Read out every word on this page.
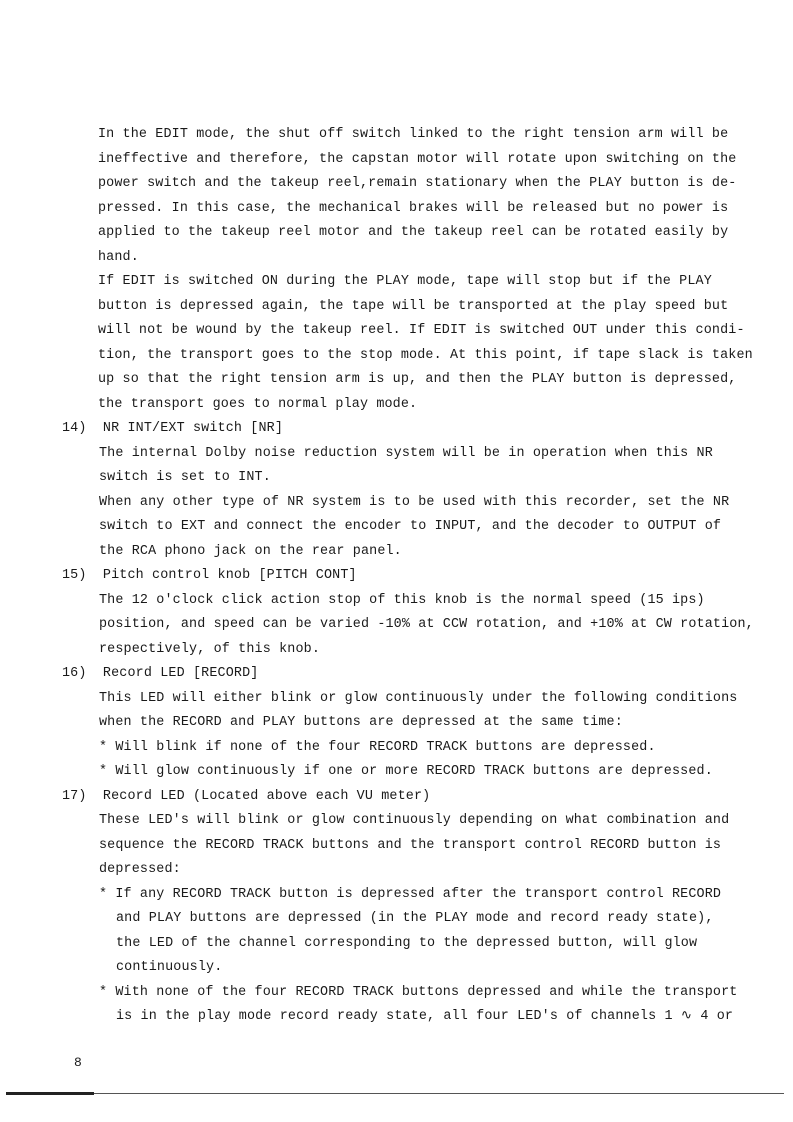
In the EDIT mode, the shut off switch linked to the right tension arm will be
ineffective and therefore, the capstan motor will rotate upon switching on the
power switch and the takeup reel,remain stationary when the PLAY button is de-
pressed. In this case, the mechanical brakes will be released but no power is
applied to the takeup reel motor and the takeup reel can be rotated easily by
hand.
If EDIT is switched ON during the PLAY mode, tape will stop but if the PLAY
button is depressed again, the tape will be transported at the play speed but
will not be wound by the takeup reel. If EDIT is switched OUT under this condi-
tion, the transport goes to the stop mode. At this point, if tape slack is taken
up so that the right tension arm is up, and then the PLAY button is depressed,
the transport goes to normal play mode.
14)  NR INT/EXT switch [NR]
The internal Dolby noise reduction system will be in operation when this NR
switch is set to INT.
When any other type of NR system is to be used with this recorder, set the NR
switch to EXT and connect the encoder to INPUT, and the decoder to OUTPUT of
the RCA phono jack on the rear panel.
15)  Pitch control knob [PITCH CONT]
The 12 o'clock click action stop of this knob is the normal speed (15 ips)
position, and speed can be varied -10% at CCW rotation, and +10% at CW rotation,
respectively, of this knob.
16)  Record LED [RECORD]
This LED will either blink or glow continuously under the following conditions
when the RECORD and PLAY buttons are depressed at the same time:
* Will blink if none of the four RECORD TRACK buttons are depressed.
* Will glow continuously if one or more RECORD TRACK buttons are depressed.
17)  Record LED (Located above each VU meter)
These LED's will blink or glow continuously depending on what combination and
sequence the RECORD TRACK buttons and the transport control RECORD button is
depressed:
* If any RECORD TRACK button is depressed after the transport control RECORD
and PLAY buttons are depressed (in the PLAY mode and record ready state),
the LED of the channel corresponding to the depressed button, will glow
continuously.
* With none of the four RECORD TRACK buttons depressed and while the transport
is in the play mode record ready state, all four LED's of channels 1 ∿ 4 or
8
